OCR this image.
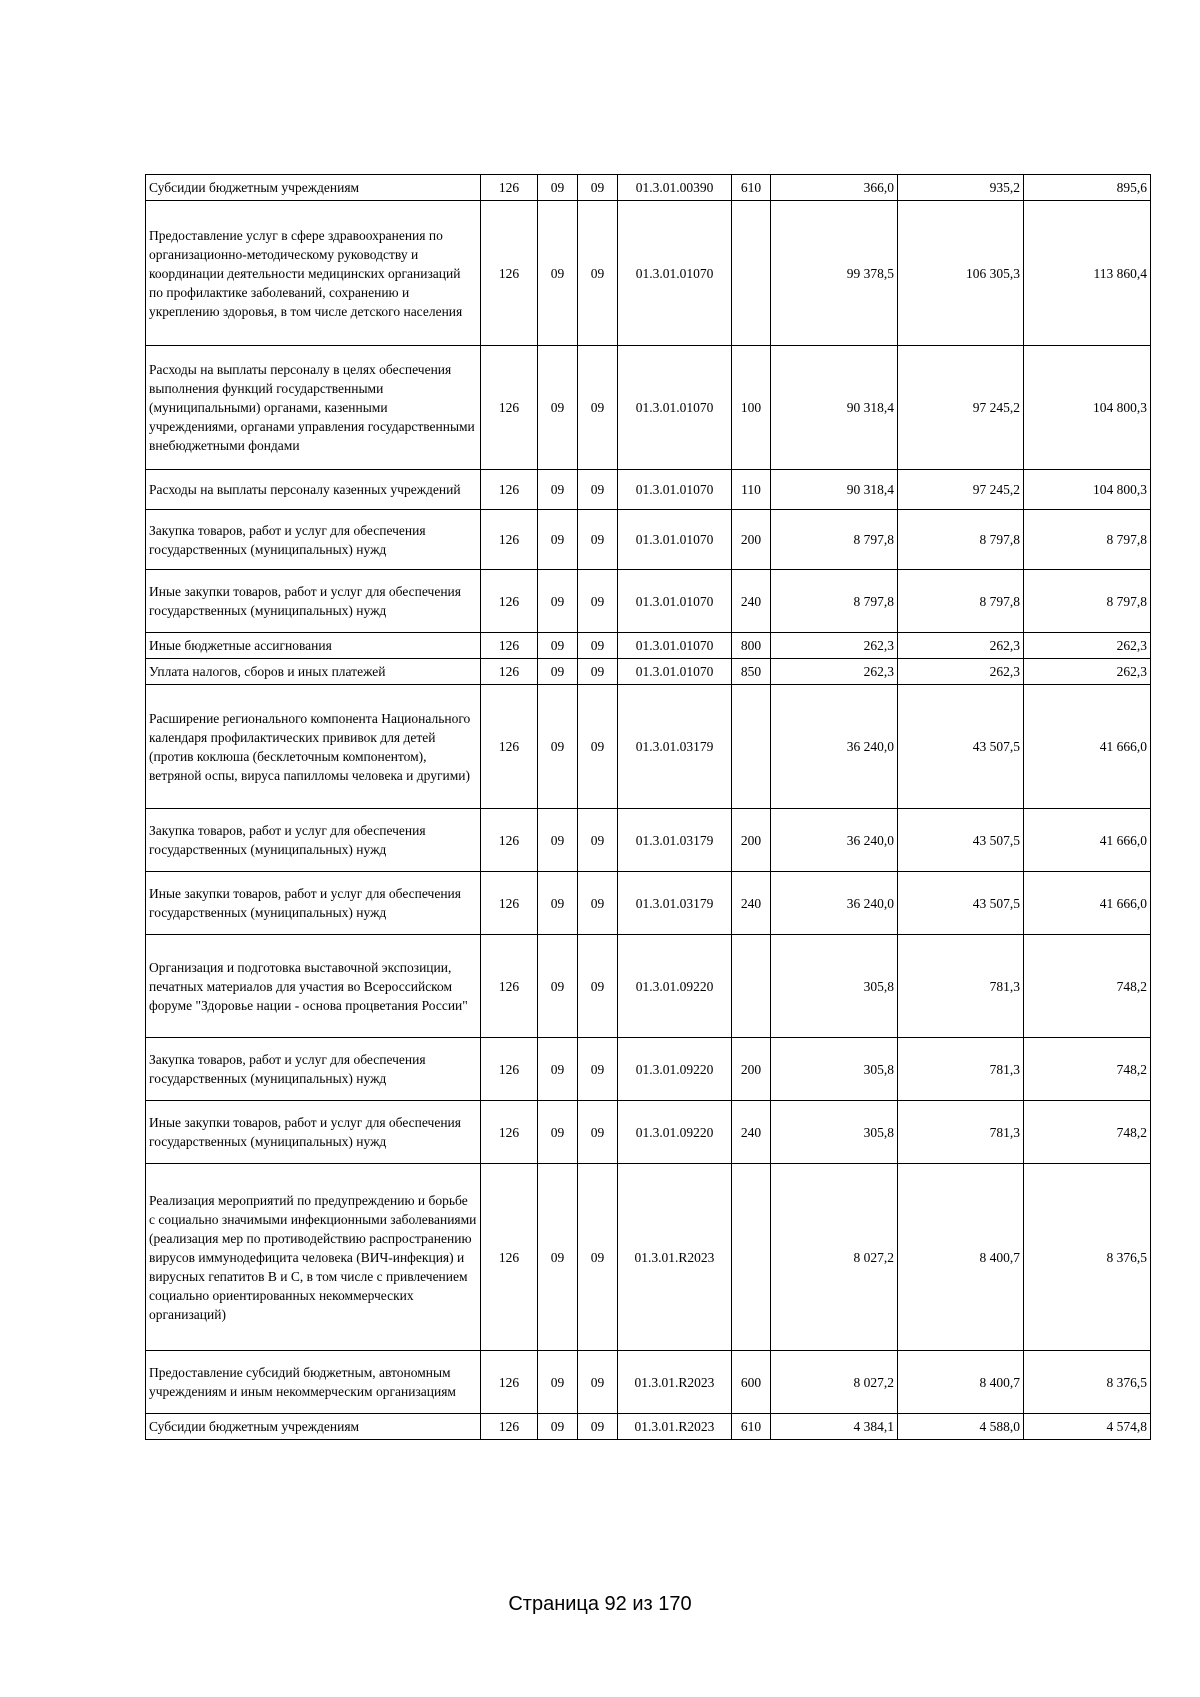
Субсидии бюджетным учреждениям	126	09	09	01.3.01.00390	610	366,0	935,2	895,6
Предоставление услуг в сфере здравоохранения по организационно-методическому руководству и координации деятельности медицинских организаций по профилактике заболеваний, сохранению и укреплению здоровья, в том числе детского населения	126	09	09	01.3.01.01070		99 378,5	106 305,3	113 860,4
Расходы на выплаты персоналу в целях обеспечения выполнения функций государственными (муниципальными) органами, казенными учреждениями, органами управления государственными внебюджетными фондами	126	09	09	01.3.01.01070	100	90 318,4	97 245,2	104 800,3
Расходы на выплаты персоналу казенных учреждений	126	09	09	01.3.01.01070	110	90 318,4	97 245,2	104 800,3
Закупка товаров, работ и услуг для обеспечения государственных (муниципальных) нужд	126	09	09	01.3.01.01070	200	8 797,8	8 797,8	8 797,8
Иные закупки товаров, работ и услуг для обеспечения государственных (муниципальных) нужд	126	09	09	01.3.01.01070	240	8 797,8	8 797,8	8 797,8
Иные бюджетные ассигнования	126	09	09	01.3.01.01070	800	262,3	262,3	262,3
Уплата налогов, сборов и иных платежей	126	09	09	01.3.01.01070	850	262,3	262,3	262,3
Расширение регионального компонента Национального календаря профилактических прививок для детей (против коклюша (бесклеточным компонентом), ветряной оспы, вируса папилломы человека и другими)	126	09	09	01.3.01.03179		36 240,0	43 507,5	41 666,0
Закупка товаров, работ и услуг для обеспечения государственных (муниципальных) нужд	126	09	09	01.3.01.03179	200	36 240,0	43 507,5	41 666,0
Иные закупки товаров, работ и услуг для обеспечения государственных (муниципальных) нужд	126	09	09	01.3.01.03179	240	36 240,0	43 507,5	41 666,0
Организация и подготовка выставочной экспозиции, печатных материалов для участия во Всероссийском форуме "Здоровье нации - основа процветания России"	126	09	09	01.3.01.09220		305,8	781,3	748,2
Закупка товаров, работ и услуг для обеспечения государственных (муниципальных) нужд	126	09	09	01.3.01.09220	200	305,8	781,3	748,2
Иные закупки товаров, работ и услуг для обеспечения государственных (муниципальных) нужд	126	09	09	01.3.01.09220	240	305,8	781,3	748,2
Реализация мероприятий по предупреждению и борьбе с социально значимыми инфекционными заболеваниями (реализация мер по противодействию распространению вирусов иммунодефицита человека (ВИЧ-инфекция) и вирусных гепатитов В и С, в том числе с привлечением социально ориентированных некоммерческих организаций)	126	09	09	01.3.01.R2023		8 027,2	8 400,7	8 376,5
Предоставление субсидий бюджетным, автономным учреждениям и иным некоммерческим организациям	126	09	09	01.3.01.R2023	600	8 027,2	8 400,7	8 376,5
Субсидии бюджетным учреждениям	126	09	09	01.3.01.R2023	610	4 384,1	4 588,0	4 574,8
Страница 92 из 170
